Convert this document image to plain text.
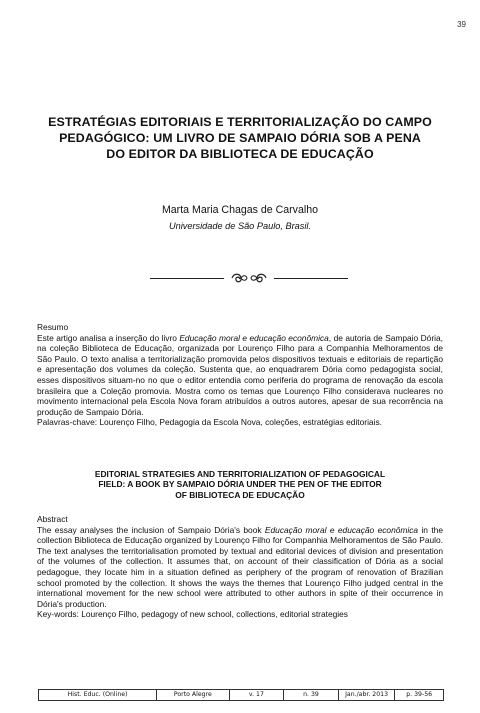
39
ESTRATÉGIAS EDITORIAIS E TERRITORIALIZAÇÃO DO CAMPO
PEDAGÓGICO: UM LIVRO DE SAMPAIO DÓRIA SOB A PENA
DO EDITOR DA BIBLIOTECA DE EDUCAÇÃO
Marta Maria Chagas de Carvalho
Universidade de São Paulo, Brasil.
Resumo

Este artigo analisa a inserção do livro Educação moral e educação econômica, de autoria de Sampaio Dória, na coleção Biblioteca de Educação, organizada por Lourenço Filho para a Companhia Melhoramentos de São Paulo. O texto analisa a territorialização promovida pelos dispositivos textuais e editoriais de repartição e apresentação dos volumes da coleção. Sustenta que, ao enquadrarem Dória como pedagogista social, esses dispositivos situam-no no que o editor entendia como periferia do programa de renovação da escola brasileira que a Coleção promovia. Mostra como os temas que Lourenço Filho considerava nucleares no movimento internacional pela Escola Nova foram atribuídos a outros autores, apesar de sua recorrência na produção de Sampaio Dória.

Palavras-chave: Lourenço Filho, Pedagogia da Escola Nova, coleções, estratégias editoriais.

EDITORIAL STRATEGIES AND TERRITORIALIZATION OF PEDAGOGICAL
FIELD: A BOOK BY SAMPAIO DÓRIA UNDER THE PEN OF THE EDITOR
OF BIBLIOTECA DE EDUCAÇÃO
Abstract

The essay analyses the inclusion of Sampaio Dória's book Educação moral e educação econômica in the collection Biblioteca de Educação organized by Lourenço Filho for Companhia Melhoramentos de São Paulo. The text analyses the territorialisation promoted by textual and editorial devices of division and presentation of the volumes of the collection. It assumes that, on account of their classification of Dória as a social pedagogue, they locate him in a situation defined as periphery of the program of renovation of Brazilian school promoted by the collection. It shows the ways the themes that Lourenço Filho judged central in the international movement for the new school were attributed to other authors in spite of their occurrence in Dória's production.

Key-words: Lourenço Filho, pedagogy of new school, collections, editorial strategies

Hist. Educ. (Online)	Porto Alegre	v. 17	n. 39	Jan./abr. 2013	p. 39-56
